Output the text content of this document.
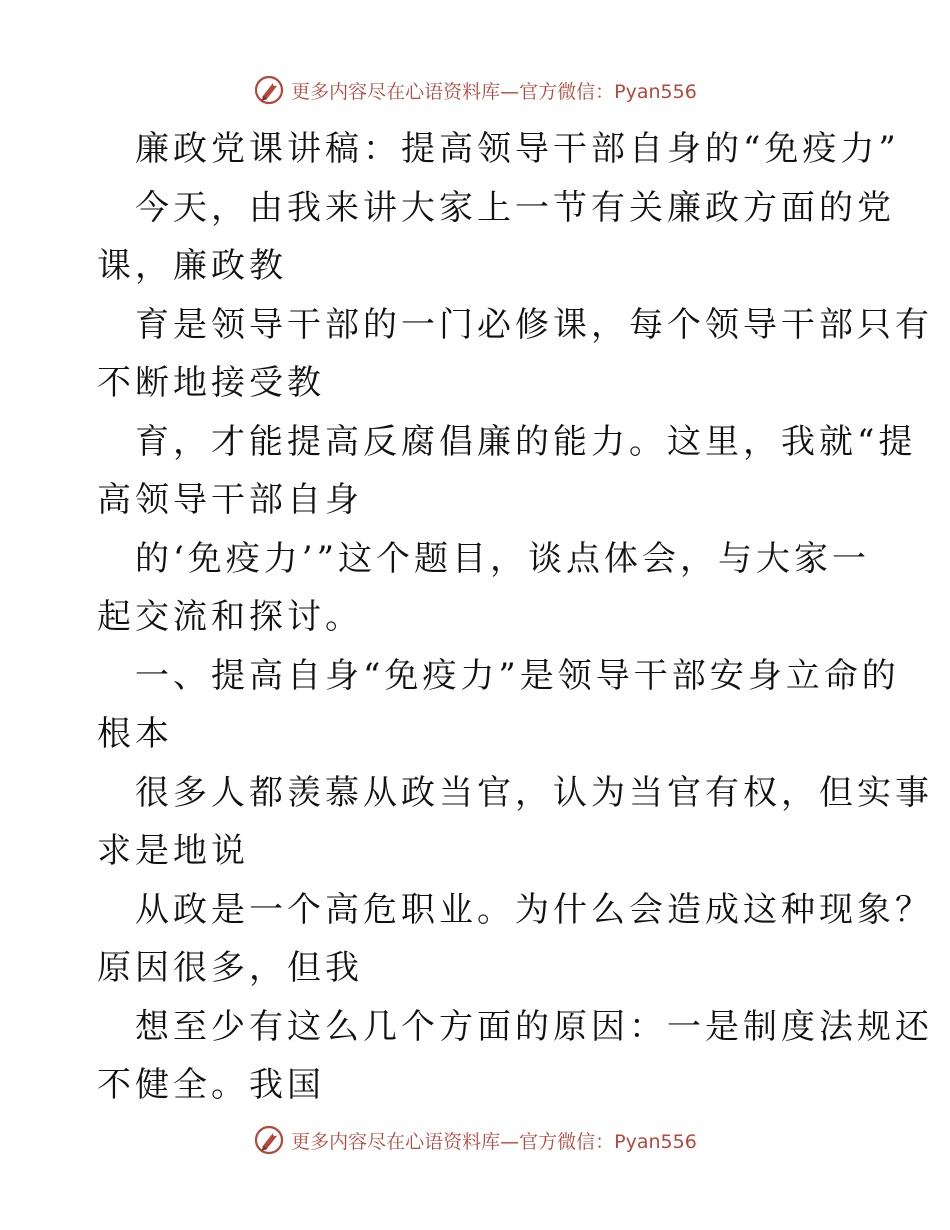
更多内容尽在心语资料库—官方微信：Pyan556
廉政党课讲稿：提高领导干部自身的“免疫力”
今天，由我来讲大家上一节有关廉政方面的党
课，廉政教
育是领导干部的一门必修课，每个领导干部只有
不断地接受教
育，才能提高反腐倡廉的能力。这里，我就“提
高领导干部自身
的‘免疫力’”这个题目，谈点体会，与大家一
起交流和探讨。
一、提高自身“免疫力”是领导干部安身立命的
根本
很多人都羡慕从政当官，认为当官有权，但实事
求是地说
从政是一个高危职业。为什么会造成这种现象？
原因很多，但我
想至少有这么几个方面的原因：一是制度法规还
不健全。我国
更多内容尽在心语资料库—官方微信：Pyan556
